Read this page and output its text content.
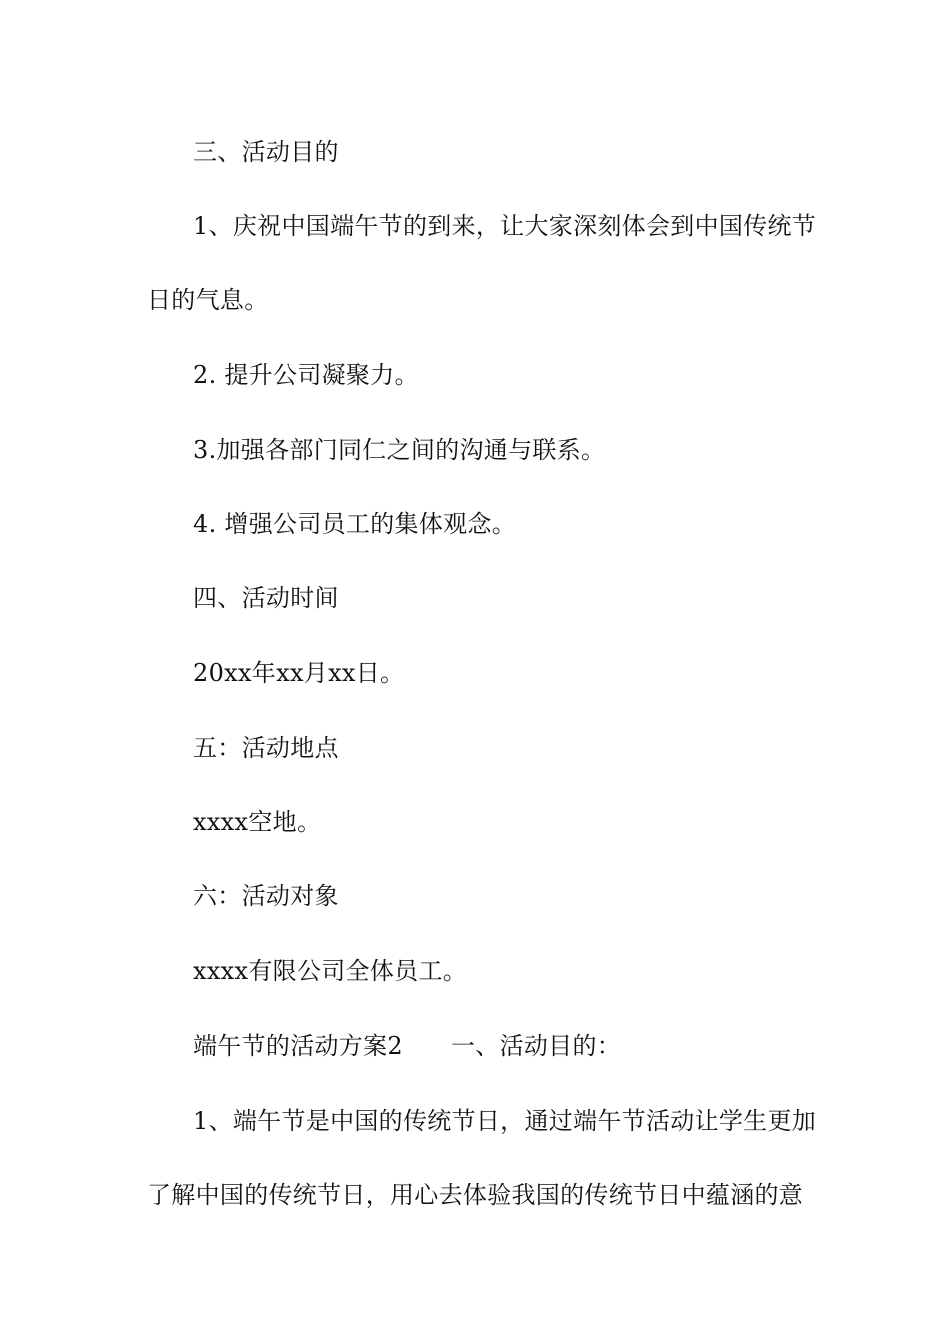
三、活动目的

1、庆祝中国端午节的到来，让大家深刻体会到中国传统节

日的气息。

2. 提升公司凝聚力。

3.加强各部门同仁之间的沟通与联系。

4. 增强公司员工的集体观念。

四、活动时间

20xx年xx月xx日。

五：活动地点

xxxx空地。

六：活动对象

xxxx有限公司全体员工。

端午节的活动方案2 一、活动目的：

1、端午节是中国的传统节日，通过端午节活动让学生更加

了解中国的传统节日，用心去体验我国的传统节日中蕴涵的意
